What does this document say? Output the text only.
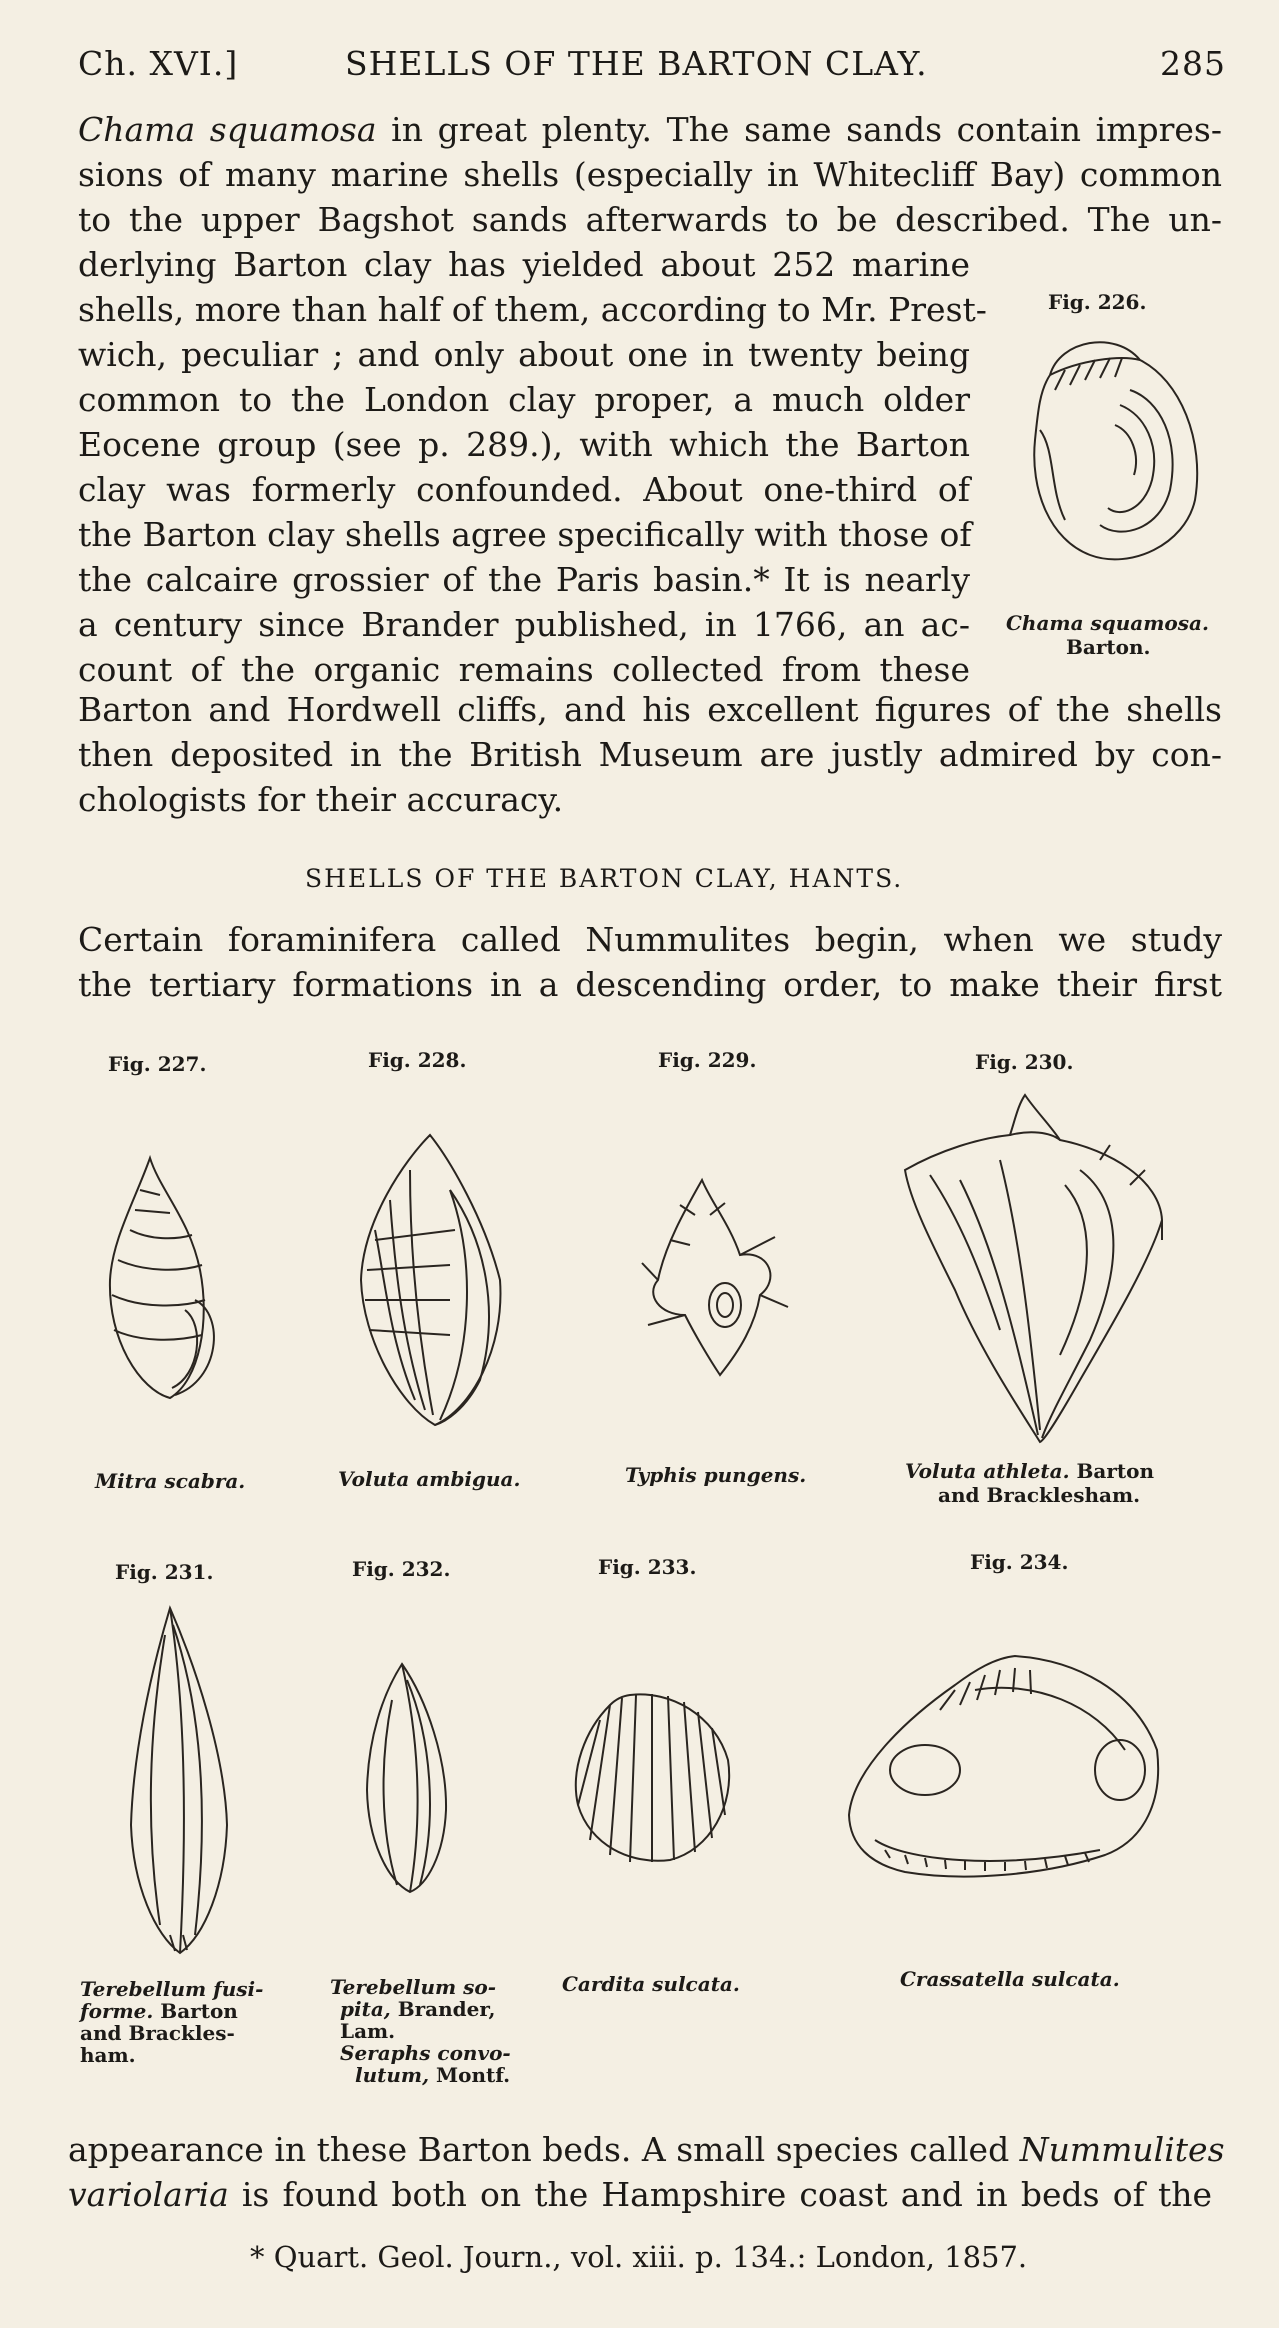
Ch. XVI.]	SHELLS OF THE BARTON CLAY.	285
Chama squamosa in great plenty. The same sands contain impres-
sions of many marine shells (especially in Whitecliff Bay) common
to the upper Bagshot sands afterwards to be described. The un-
derlying Barton clay has yielded about 252 marine
shells, more than half of them, according to Mr. Prest-
wich, peculiar ; and only about one in twenty being
common to the London clay proper, a much older
Eocene group (see p. 289.), with which the Barton
clay was formerly confounded. About one-third of
the Barton clay shells agree specifically with those of
the calcaire grossier of the Paris basin.* It is nearly
a century since Brander published, in 1766, an ac-
count of the organic remains collected from these
Barton and Hordwell cliffs, and his excellent figures of the shells
then deposited in the British Museum are justly admired by con-
chologists for their accuracy.
Fig. 226.
Chama squamosa.
Barton.
SHELLS OF THE BARTON CLAY, HANTS.
Certain foraminifera called Nummulites begin, when we study
the tertiary formations in a descending order, to make their first
Fig. 227.	Fig. 228.	Fig. 229.	Fig. 230.
Mitra scabra.	Voluta ambigua.	Typhis pungens.	Voluta athleta. Barton
and Bracklesham.
Fig. 231.	Fig. 232.	Fig. 233.	Fig. 234.
Terebellum fusi-
forme. Barton
and Brackles-
ham.
Terebellum so-
pita, Brander,
Lam.
Seraphs convo-
lutum, Montf.
Cardita sulcata.	Crassatella sulcata.
appearance in these Barton beds. A small species called Nummulites
variolaria is found both on the Hampshire coast and in beds of the
* Quart. Geol. Journ., vol. xiii. p. 134.: London, 1857.
